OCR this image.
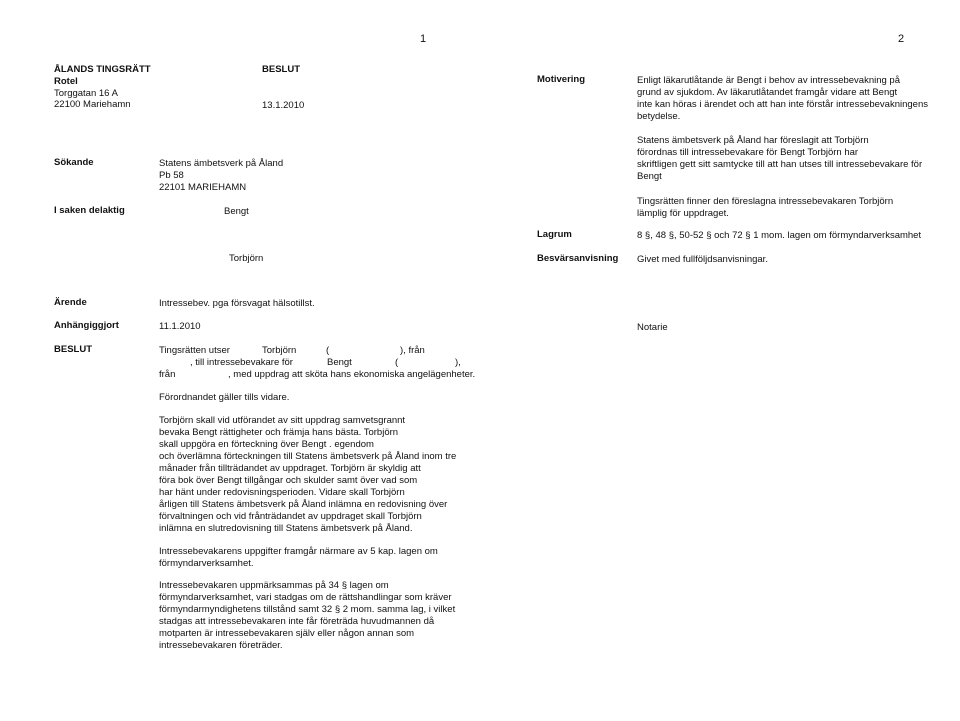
1
ÅLANDS TINGSRÄTT
Rotel
Torggatan 16 A
22100 Mariehamn
BESLUT
13.1.2010
Sökande	Statens ämbetsverk på Åland
Pb 58
22101 MARIEHAMN
I saken delaktig	Bengt
Torbjörn
Ärende	Intressebev. pga försvagat hälsotillst.
Anhängiggjort	11.1.2010
BESLUT	Tingsrätten utser	Torbjörn	(	), från
, till intressebevakare för	Bengt	(	),
från	, med uppdrag att sköta hans ekonomiska angelägenheter.
Förordnandet gäller tills vidare.
Torbjörn skall vid utförandet av sitt uppdrag samvetsgrannt
bevaka Bengt rättigheter och främja hans bästa. Torbjörn
skall uppgöra en förteckning över Bengt . egendom
och överlämna förteckningen till Statens ämbetsverk på Åland inom tre
månader från tillträdandet av uppdraget. Torbjörn är skyldig att
föra bok över Bengt tillgångar och skulder samt över vad som
har hänt under redovisningsperioden. Vidare skall Torbjörn
årligen till Statens ämbetsverk på Åland inlämna en redovisning över
förvaltningen och vid frånträdandet av uppdraget skall Torbjörn
inlämna en slutredovisning till Statens ämbetsverk på Åland.
Intressebevakarens uppgifter framgår närmare av 5 kap. lagen om
förmyndarverksamhet.
Intressebevakaren uppmärksammas på 34 § lagen om
förmyndarverksamhet, vari stadgas om de rättshandlingar som kräver
förmyndarmyndighetens tillstånd samt 32 § 2 mom. samma lag, i vilket
stadgas att intressebevakaren inte får företräda huvudmannen då
motparten är intressebevakaren själv eller någon annan som
intressebevakaren företräder.
2
Motivering	Enligt läkarutlåtande är Bengt i behov av intressebevakning på
grund av sjukdom. Av läkarutlåtandet framgår vidare att Bengt
inte kan höras i ärendet och att han inte förstår intressebevakningens
betydelse.
Statens ämbetsverk på Åland har föreslagit att Torbjörn
förordnas till intressebevakare för Bengt Torbjörn har
skriftligen gett sitt samtycke till att han utses till intressebevakare för
Bengt
Tingsrätten finner den föreslagna intressebevakaren Torbjörn
lämplig för uppdraget.
Lagrum	8 §, 48 §, 50-52 § och 72 § 1 mom. lagen om förmyndarverksamhet
Besvärsanvisning Givet med fullföljdsanvisningar.
Notarie
